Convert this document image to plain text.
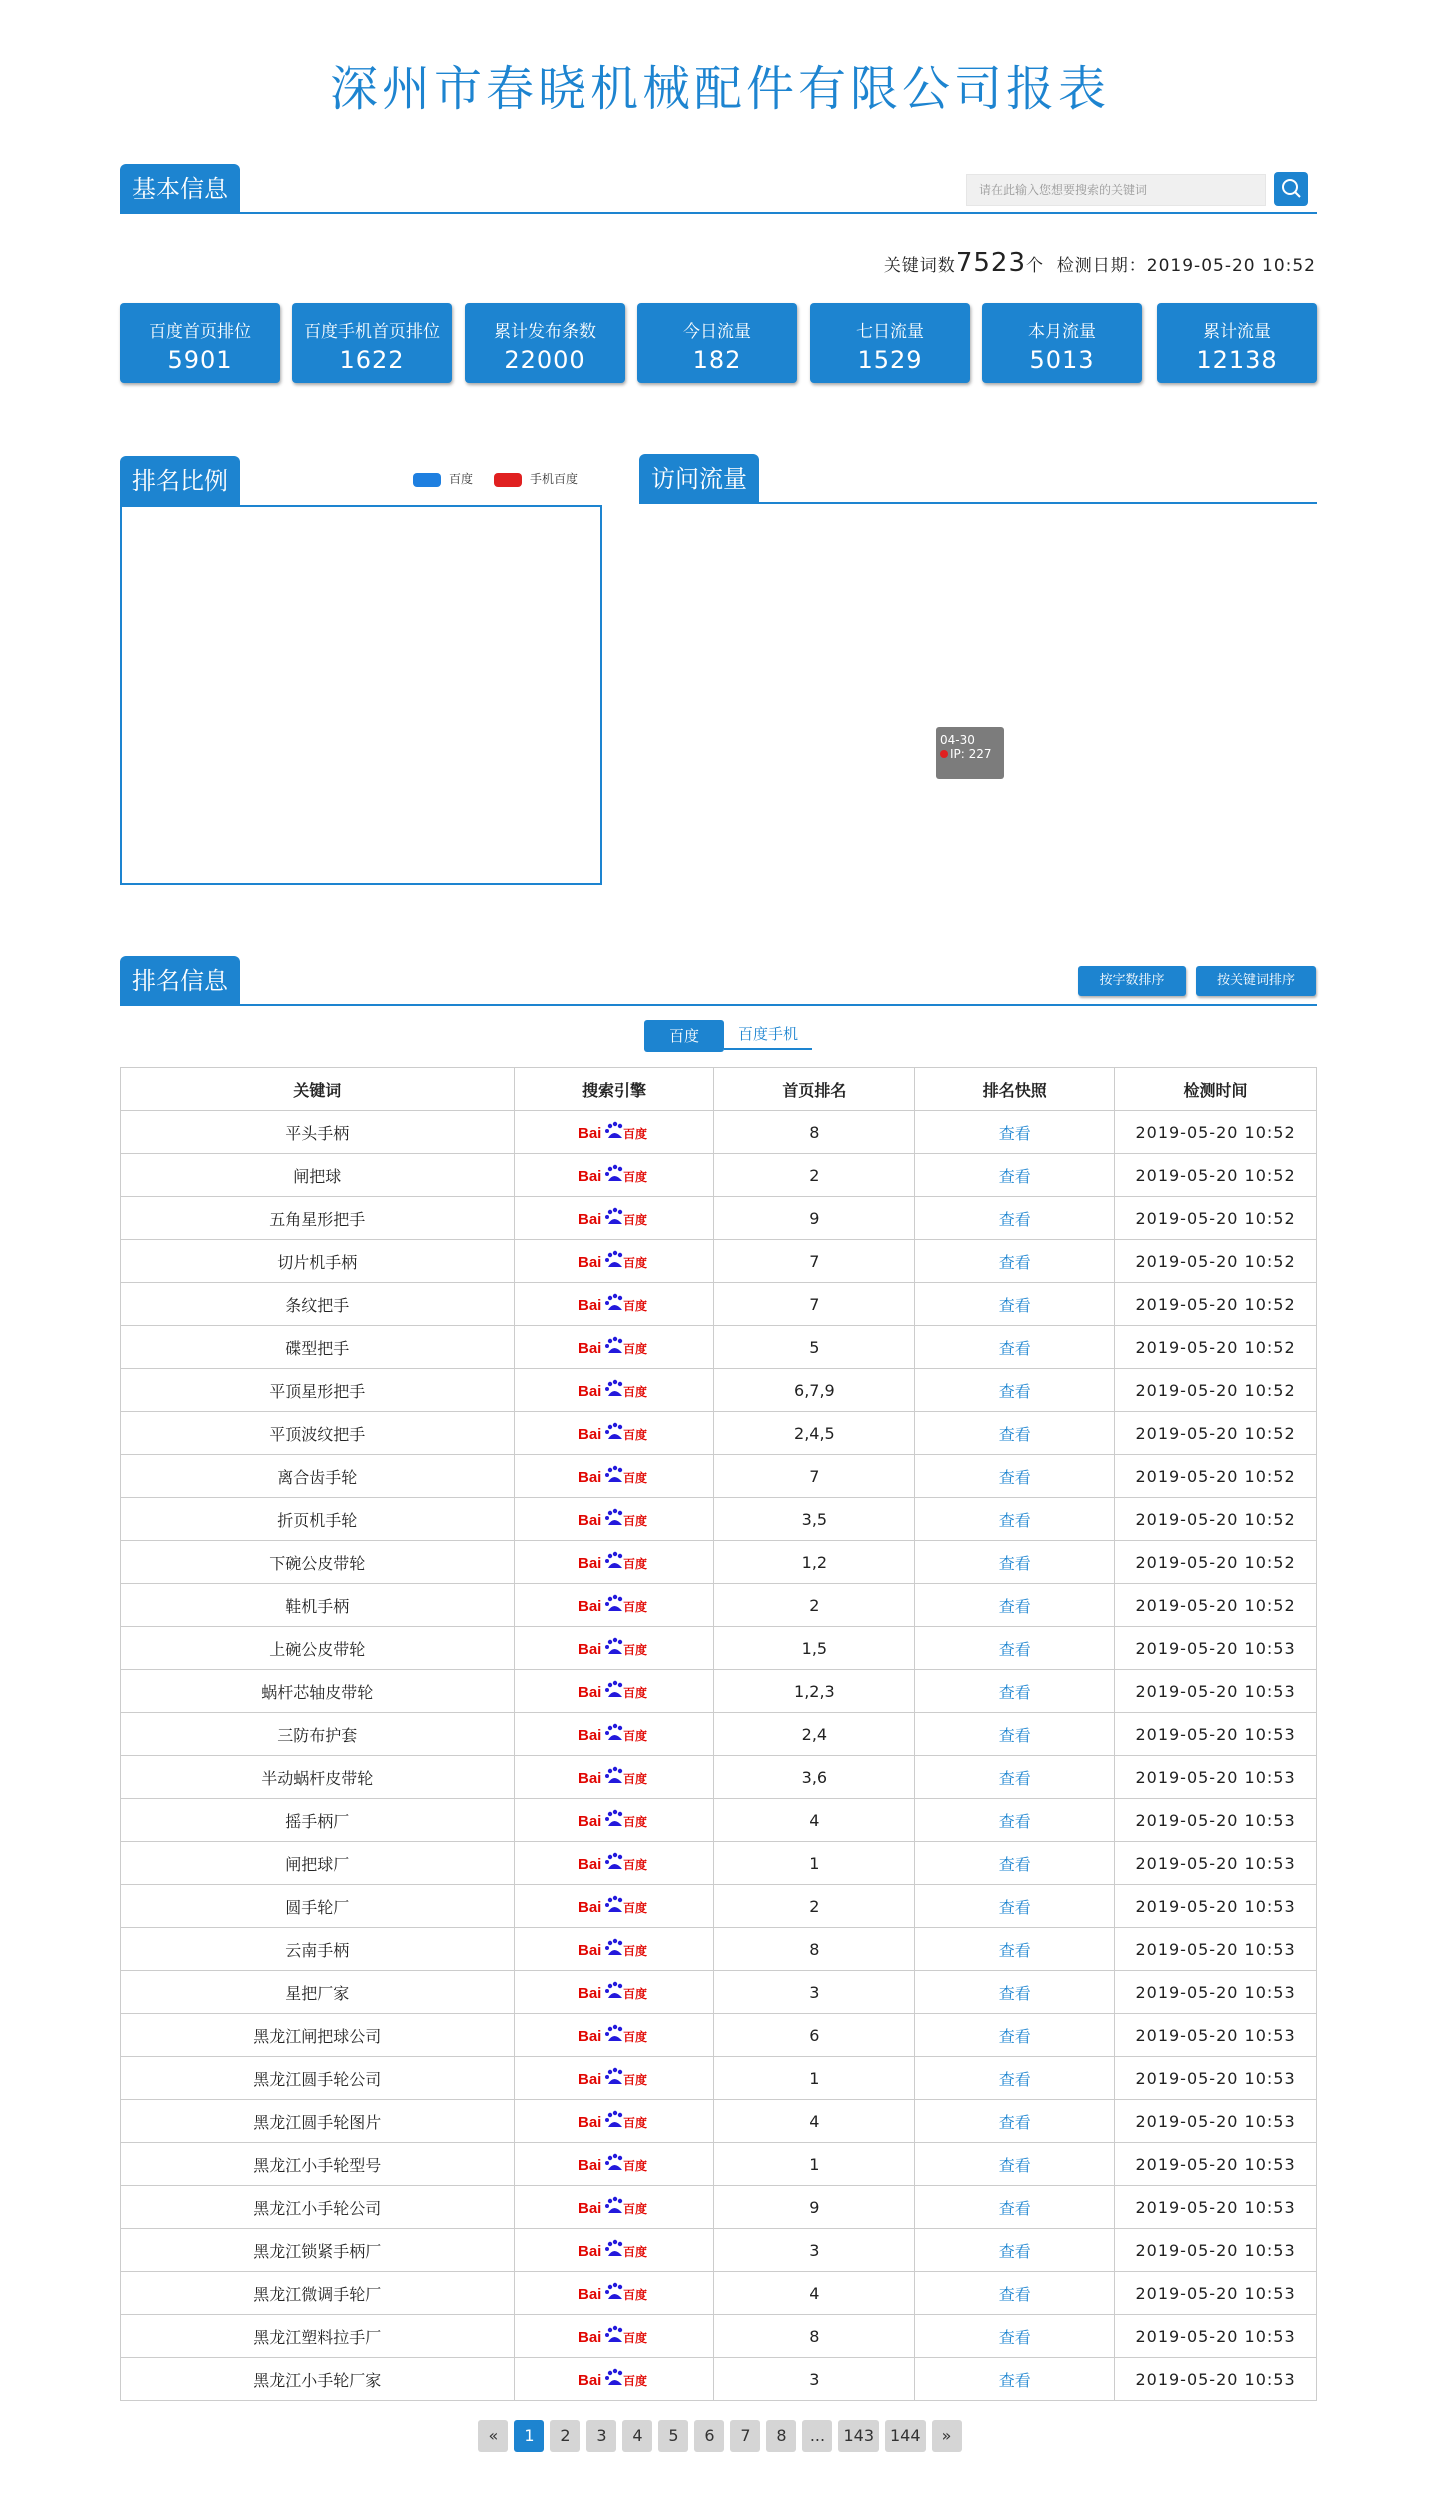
深州市春晓机械配件有限公司报表
基本信息	请在此输入您想要搜索的关键词
关键词数7523个 检测日期：2019-05-20 10:52
百度首页排位
5901
百度手机首页排位
1622
累计发布条数
22000
今日流量
182
七日流量
1529
本月流量
5013
累计流量
12138
排名比例	百度	手机百度	访问流量
04-30
IP: 227
排名信息	按字数排序	按关键词排序
百度	百度手机
关键词	搜索引擎	首页排名	排名快照	检测时间
平头手柄	Bai 百度	8	查看	2019-05-20 10:52
闸把球	Bai 百度	2	查看	2019-05-20 10:52
五角星形把手	Bai 百度	9	查看	2019-05-20 10:52
切片机手柄	Bai 百度	7	查看	2019-05-20 10:52
条纹把手	Bai 百度	7	查看	2019-05-20 10:52
碟型把手	Bai 百度	5	查看	2019-05-20 10:52
平顶星形把手	Bai 百度	6,7,9	查看	2019-05-20 10:52
平顶波纹把手	Bai 百度	2,4,5	查看	2019-05-20 10:52
离合齿手轮	Bai 百度	7	查看	2019-05-20 10:52
折页机手轮	Bai 百度	3,5	查看	2019-05-20 10:52
下碗公皮带轮	Bai 百度	1,2	查看	2019-05-20 10:52
鞋机手柄	Bai 百度	2	查看	2019-05-20 10:52
上碗公皮带轮	Bai 百度	1,5	查看	2019-05-20 10:53
蜗杆芯轴皮带轮	Bai 百度	1,2,3	查看	2019-05-20 10:53
三防布护套	Bai 百度	2,4	查看	2019-05-20 10:53
半动蜗杆皮带轮	Bai 百度	3,6	查看	2019-05-20 10:53
摇手柄厂	Bai 百度	4	查看	2019-05-20 10:53
闸把球厂	Bai 百度	1	查看	2019-05-20 10:53
圆手轮厂	Bai 百度	2	查看	2019-05-20 10:53
云南手柄	Bai 百度	8	查看	2019-05-20 10:53
星把厂家	Bai 百度	3	查看	2019-05-20 10:53
黑龙江闸把球公司	Bai 百度	6	查看	2019-05-20 10:53
黑龙江圆手轮公司	Bai 百度	1	查看	2019-05-20 10:53
黑龙江圆手轮图片	Bai 百度	4	查看	2019-05-20 10:53
黑龙江小手轮型号	Bai 百度	1	查看	2019-05-20 10:53
黑龙江小手轮公司	Bai 百度	9	查看	2019-05-20 10:53
黑龙江锁紧手柄厂	Bai 百度	3	查看	2019-05-20 10:53
黑龙江微调手轮厂	Bai 百度	4	查看	2019-05-20 10:53
黑龙江塑料拉手厂	Bai 百度	8	查看	2019-05-20 10:53
黑龙江小手轮厂家	Bai 百度	3	查看	2019-05-20 10:53
« 1 2 3 4 5 6 7 8 ... 143 144 »
